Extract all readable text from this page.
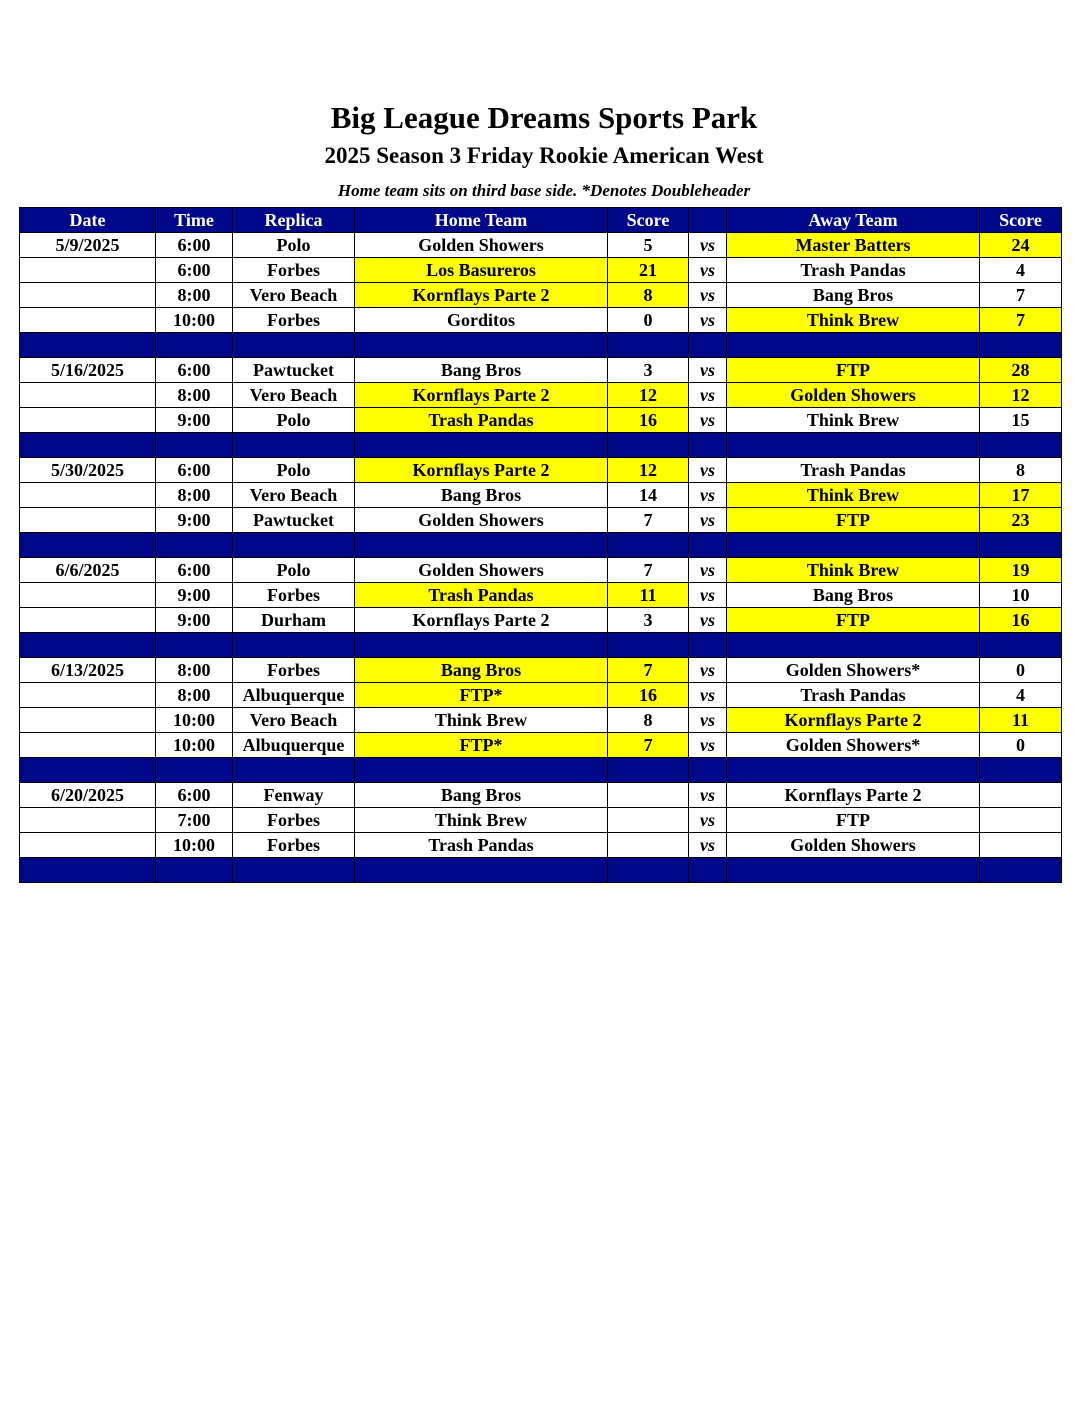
Big League Dreams Sports Park
2025 Season 3 Friday Rookie American West
Home team sits on third base side. *Denotes Doubleheader
Date	Time	Replica	Home Team	Score		Away Team	Score
5/9/2025	6:00	Polo	Golden Showers	5	vs	Master Batters	24
	6:00	Forbes	Los Basureros	21	vs	Trash Pandas	4
	8:00	Vero Beach	Kornflays Parte 2	8	vs	Bang Bros	7
	10:00	Forbes	Gorditos	0	vs	Think Brew	7

5/16/2025	6:00	Pawtucket	Bang Bros	3	vs	FTP	28
	8:00	Vero Beach	Kornflays Parte 2	12	vs	Golden Showers	12
	9:00	Polo	Trash Pandas	16	vs	Think Brew	15

5/30/2025	6:00	Polo	Kornflays Parte 2	12	vs	Trash Pandas	8
	8:00	Vero Beach	Bang Bros	14	vs	Think Brew	17
	9:00	Pawtucket	Golden Showers	7	vs	FTP	23

6/6/2025	6:00	Polo	Golden Showers	7	vs	Think Brew	19
	9:00	Forbes	Trash Pandas	11	vs	Bang Bros	10
	9:00	Durham	Kornflays Parte 2	3	vs	FTP	16

6/13/2025	8:00	Forbes	Bang Bros	7	vs	Golden Showers*	0
	8:00	Albuquerque	FTP*	16	vs	Trash Pandas	4
	10:00	Vero Beach	Think Brew	8	vs	Kornflays Parte 2	11
	10:00	Albuquerque	FTP*	7	vs	Golden Showers*	0

6/20/2025	6:00	Fenway	Bang Bros		vs	Kornflays Parte 2	
	7:00	Forbes	Think Brew		vs	FTP	
	10:00	Forbes	Trash Pandas		vs	Golden Showers	
